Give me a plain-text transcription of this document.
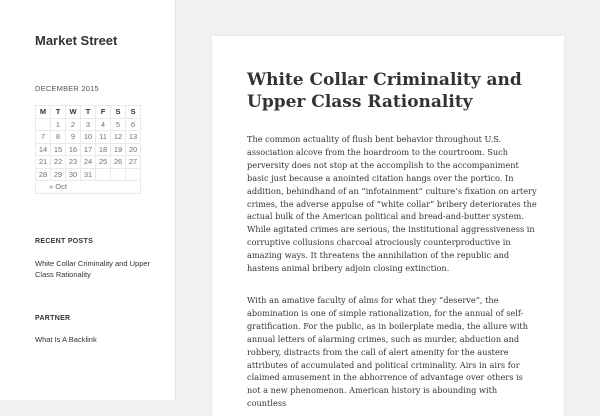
Market Street
DECEMBER 2015
M	T	W	T	F	S	S
	1	2	3	4	5	6
7	8	9	10	11	12	13
14	15	16	17	18	19	20
21	22	23	24	25	26	27
28	29	30	31			
« Oct						
RECENT POSTS
White Collar Criminality and Upper Class Rationality
PARTNER
What Is A Backlink
White Collar Criminality and Upper Class Rationality

The common actuality of flush bent behavior throughout U.S. association alcove from the boardroom to the courtroom. Such perversity does not stop at the accomplish to the accompaniment basic just because a anointed citation hangs over the portico. In addition, behindhand of an “infotainment” culture’s fixation on artery crimes, the adverse appulse of “white collar” bribery deteriorates the actual bulk of the American political and bread-and-butter system. While agitated crimes are serious, the institutional aggressiveness in corruptive collusions charcoal atrociously counterproductive in amazing ways. It threatens the annihilation of the republic and hastens animal bribery adjoin closing extinction.

With an amative faculty of alms for what they “deserve”, the abomination is one of simple rationalization, for the annual of self-gratification. For the public, as in boilerplate media, the allure with annual letters of alarming crimes, such as murder, abduction and robbery, distracts from the call of alert amenity for the austere attributes of accumulated and political criminality. Airs in airs for claimed amusement in the abhorrence of advantage over others is not a new phenomenon. American history is abounding with countless
